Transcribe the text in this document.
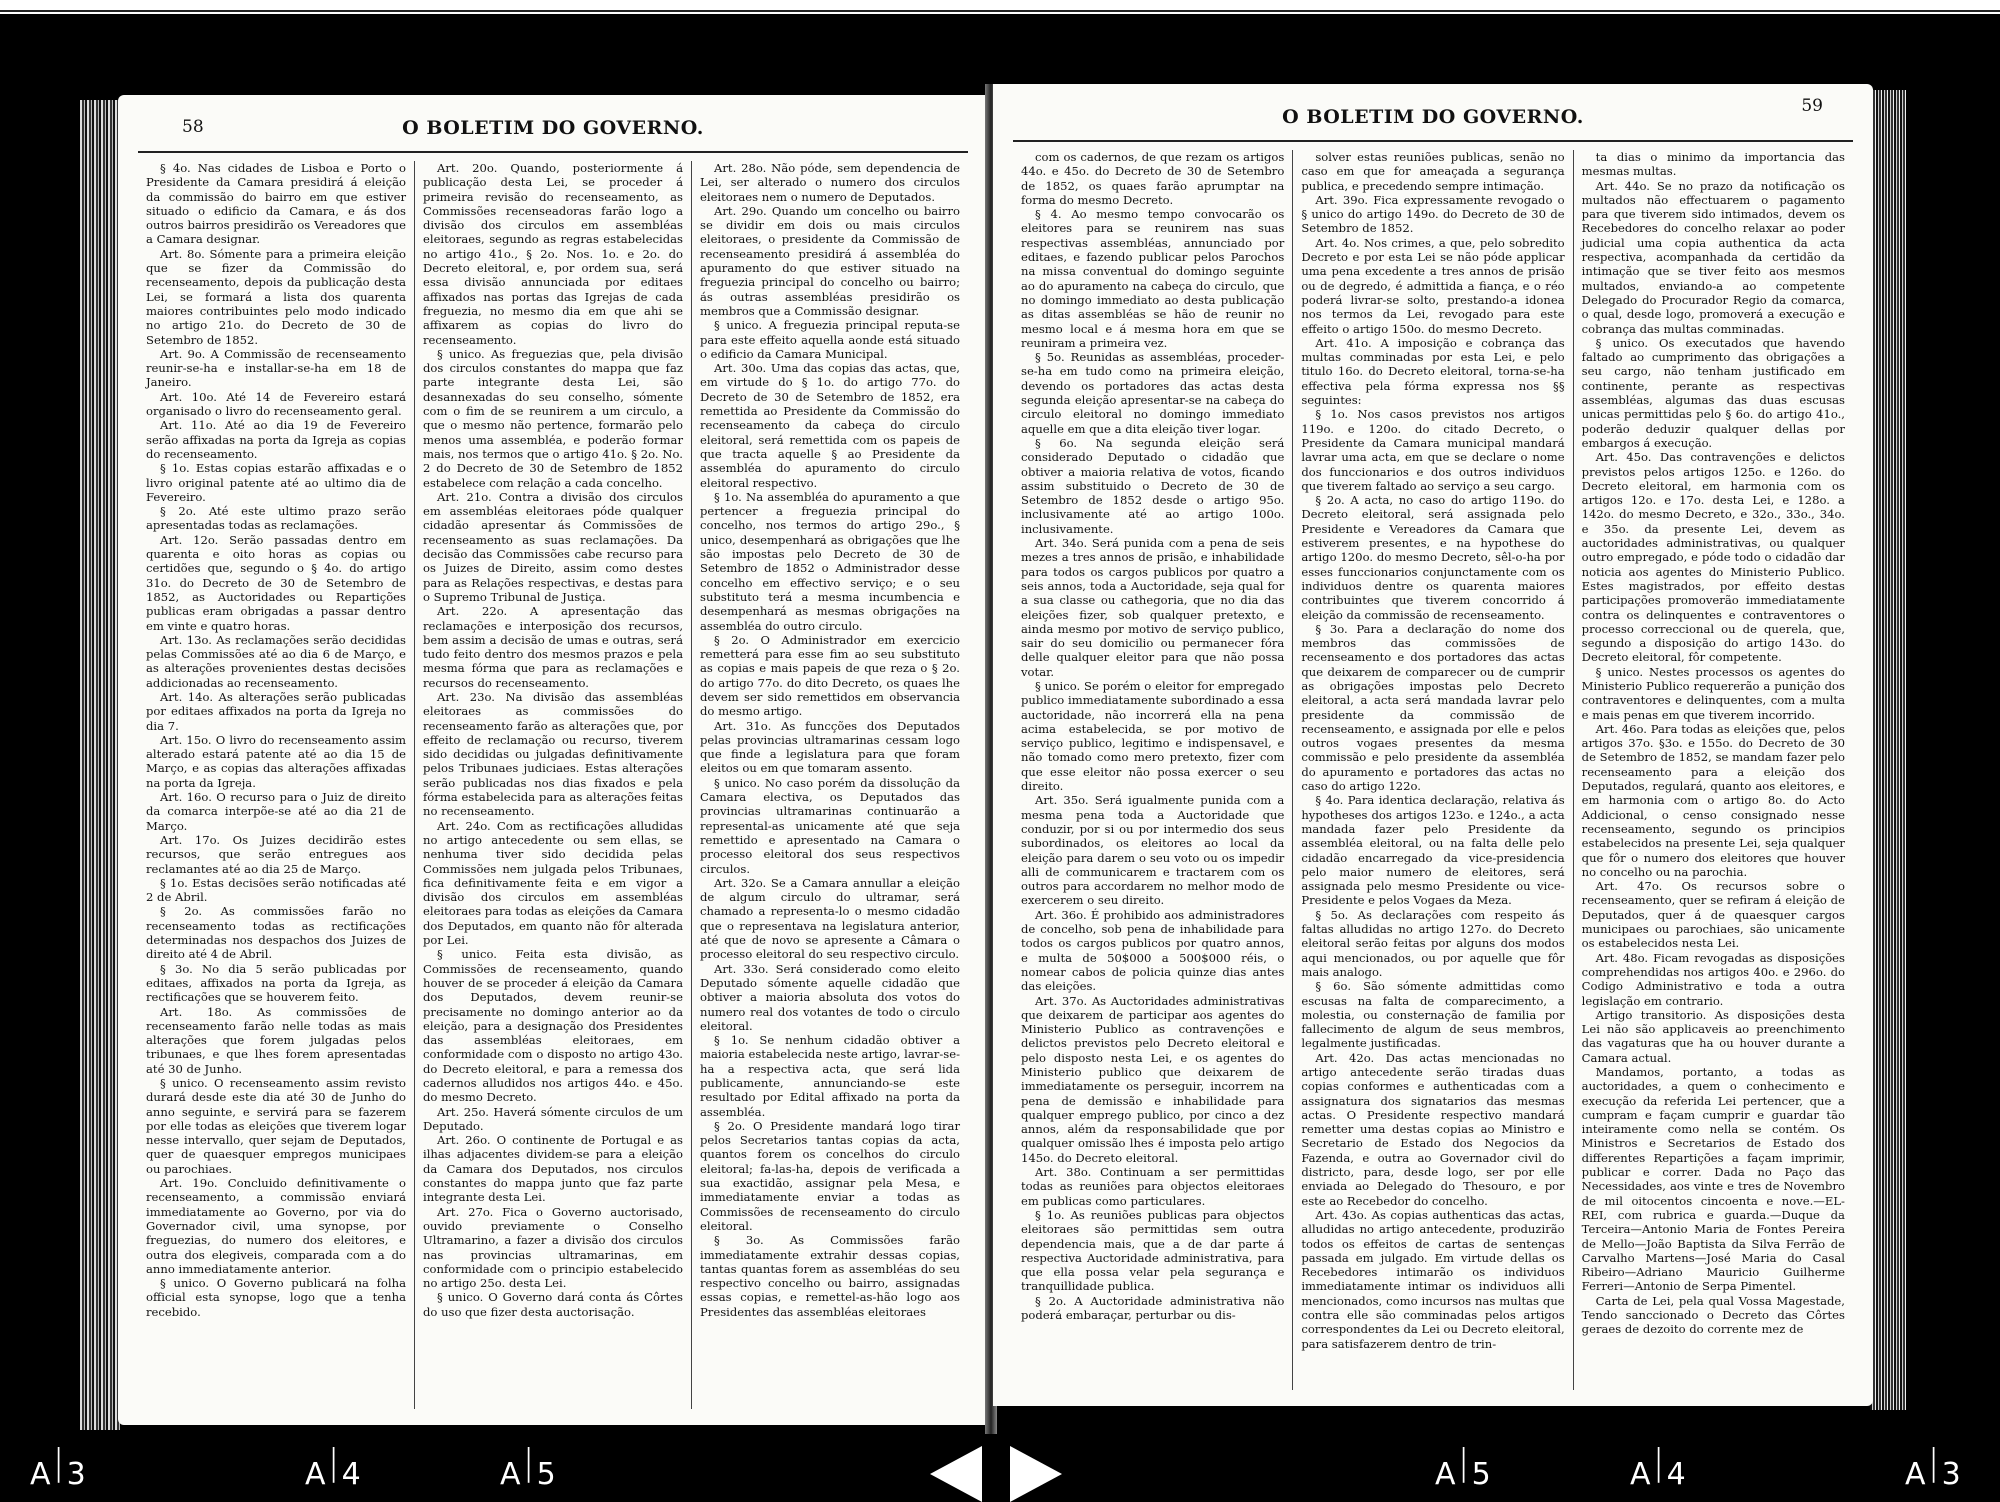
58	O BOLETIM DO GOVERNO.

§ 4o. Nas cidades de Lisboa e Porto o Presidente da Camara presidirá á eleição da commissão do bairro em que estiver situado o edificio da Camara, e ás dos outros bairros presidirão os Vereadores que a Camara designar.

Art. 8o. Sómente para a primeira eleição que se fizer da Commissão do recenseamento, depois da publicação desta Lei, se formará a lista dos quarenta maiores contribuintes pelo modo indicado no artigo 21o. do Decreto de 30 de Setembro de 1852.

Art. 9o. A Commissão de recenseamento reunir-se-ha e installar-se-ha em 18 de Janeiro.

Art. 10o. Até 14 de Fevereiro estará organisado o livro do recenseamento geral.

Art. 11o. Até ao dia 19 de Fevereiro serão affixadas na porta da Igreja as copias do recenseamento.

§ 1o. Estas copias estarão affixadas e o livro original patente até ao ultimo dia de Fevereiro.

§ 2o. Até este ultimo prazo serão apresentadas todas as reclamações.

Art. 12o. Serão passadas dentro em quarenta e oito horas as copias ou certidões que, segundo o § 4o. do artigo 31o. do Decreto de 30 de Setembro de 1852, as Auctoridades ou Repartições publicas eram obrigadas a passar dentro em vinte e quatro horas.

Art. 13o. As reclamações serão decididas pelas Commissões até ao dia 6 de Março, e as alterações provenientes destas decisões addicionadas ao recenseamento.

Art. 14o. As alterações serão publicadas por editaes affixados na porta da Igreja no dia 7.

Art. 15o. O livro do recenseamento assim alterado estará patente até ao dia 15 de Março, e as copias das alterações affixadas na porta da Igreja.

Art. 16o. O recurso para o Juiz de direito da comarca interpõe-se até ao dia 21 de Março.

Art. 17o. Os Juizes decidirão estes recursos, que serão entregues aos reclamantes até ao dia 25 de Março.

§ 1o. Estas decisões serão notificadas até 2 de Abril.

§ 2o. As commissões farão no recenseamento todas as rectificações determinadas nos despachos dos Juizes de direito até 4 de Abril.

§ 3o. No dia 5 serão publicadas por editaes, affixados na porta da Igreja, as rectificações que se houverem feito.

Art. 18o. As commissões de recenseamento farão nelle todas as mais alterações que forem julgadas pelos tribunaes, e que lhes forem apresentadas até 30 de Junho.

§ unico. O recenseamento assim revisto durará desde este dia até 30 de Junho do anno seguinte, e servirá para se fazerem por elle todas as eleições que tiverem logar nesse intervallo, quer sejam de Deputados, quer de quaesquer empregos municipaes ou parochiaes.

Art. 19o. Concluido definitivamente o recenseamento, a commissão enviará immediatamente ao Governo, por via do Governador civil, uma synopse, por freguezias, do numero dos eleitores, e outra dos elegiveis, comparada com a do anno immediatamente anterior.

§ unico. O Governo publicará na folha official esta synopse, logo que a tenha recebido.

Art. 20o. Quando, posteriormente á publicação desta Lei, se proceder á primeira revisão do recenseamento, as Commissões recenseadoras farão logo a divisão dos circulos em assembléas eleitoraes, segundo as regras estabelecidas no artigo 41o., § 2o. Nos. 1o. e 2o. do Decreto eleitoral, e, por ordem sua, será essa divisão annunciada por editaes affixados nas portas das Igrejas de cada freguezia, no mesmo dia em que ahi se affixarem as copias do livro do recenseamento.

§ unico. As freguezias que, pela divisão dos circulos constantes do mappa que faz parte integrante desta Lei, são desannexadas do seu conselho, sómente com o fim de se reunirem a um circulo, a que o mesmo não pertence, formarão pelo menos uma assembléa, e poderão formar mais, nos termos que o artigo 41o. § 2o. No. 2 do Decreto de 30 de Setembro de 1852 estabelece com relação a cada concelho.

Art. 21o. Contra a divisão dos circulos em assembléas eleitoraes póde qualquer cidadão apresentar ás Commissões de recenseamento as suas reclamações. Da decisão das Commissões cabe recurso para os Juizes de Direito, assim como destes para as Relações respectivas, e destas para o Supremo Tribunal de Justiça.

Art. 22o. A apresentação das reclamações e interposição dos recursos, bem assim a decisão de umas e outras, será tudo feito dentro dos mesmos prazos e pela mesma fórma que para as reclamações e recursos do recenseamento.

Art. 23o. Na divisão das assembléas eleitoraes as commissões do recenseamento farão as alterações que, por effeito de reclamação ou recurso, tiverem sido decididas ou julgadas definitivamente pelos Tribunaes judiciaes. Estas alterações serão publicadas nos dias fixados e pela fórma estabelecida para as alterações feitas no recenseamento.

Art. 24o. Com as rectificações alludidas no artigo antecedente ou sem ellas, se nenhuma tiver sido decidida pelas Commissões nem julgada pelos Tribunaes, fica definitivamente feita e em vigor a divisão dos circulos em assembléas eleitoraes para todas as eleições da Camara dos Deputados, em quanto não fôr alterada por Lei.

§ unico. Feita esta divisão, as Commissões de recenseamento, quando houver de se proceder á eleição da Camara dos Deputados, devem reunir-se precisamente no domingo anterior ao da eleição, para a designação dos Presidentes das assembléas eleitoraes, em conformidade com o disposto no artigo 43o. do Decreto eleitoral, e para a remessa dos cadernos alludidos nos artigos 44o. e 45o. do mesmo Decreto.

Art. 25o. Haverá sómente circulos de um Deputado.

Art. 26o. O continente de Portugal e as ilhas adjacentes dividem-se para a eleição da Camara dos Deputados, nos circulos constantes do mappa junto que faz parte integrante desta Lei.

Art. 27o. Fica o Governo auctorisado, ouvido previamente o Conselho Ultramarino, a fazer a divisão dos circulos nas provincias ultramarinas, em conformidade com o principio estabelecido no artigo 25o. desta Lei.

§ unico. O Governo dará conta ás Côrtes do uso que fizer desta auctorisação.

Art. 28o. Não póde, sem dependencia de Lei, ser alterado o numero dos circulos eleitoraes nem o numero de Deputados.

Art. 29o. Quando um concelho ou bairro se dividir em dois ou mais circulos eleitoraes, o presidente da Commissão de recenseamento presidirá á assembléa do apuramento do que estiver situado na freguezia principal do concelho ou bairro; ás outras assembléas presidirão os membros que a Commissão designar.

§ unico. A freguezia principal reputa-se para este effeito aquella aonde está situado o edificio da Camara Municipal.

Art. 30o. Uma das copias das actas, que, em virtude do § 1o. do artigo 77o. do Decreto de 30 de Setembro de 1852, era remettida ao Presidente da Commissão do recenseamento da cabeça do circulo eleitoral, será remettida com os papeis de que tracta aquelle § ao Presidente da assembléa do apuramento do circulo eleitoral respectivo.

§ 1o. Na assembléa do apuramento a que pertencer a freguezia principal do concelho, nos termos do artigo 29o., § unico, desempenhará as obrigações que lhe são impostas pelo Decreto de 30 de Setembro de 1852 o Administrador desse concelho em effectivo serviço; e o seu substituto terá a mesma incumbencia e desempenhará as mesmas obrigações na assembléa do outro circulo.

§ 2o. O Administrador em exercicio remetterá para esse fim ao seu substituto as copias e mais papeis de que reza o § 2o. do artigo 77o. do dito Decreto, os quaes lhe devem ser sido remettidos em observancia do mesmo artigo.

Art. 31o. As funcções dos Deputados pelas provincias ultramarinas cessam logo que finde a legislatura para que foram eleitos ou em que tomaram assento.

§ unico. No caso porém da dissolução da Camara electiva, os Deputados das provincias ultramarinas continuarão a represental-as unicamente até que seja remettido e apresentado na Camara o processo eleitoral dos seus respectivos circulos.

Art. 32o. Se a Camara annullar a eleição de algum circulo do ultramar, será chamado a representa-lo o mesmo cidadão que o representava na legislatura anterior, até que de novo se apresente a Câmara o processo eleitoral do seu respectivo circulo.

Art. 33o. Será considerado como eleito Deputado sómente aquelle cidadão que obtiver a maioria absoluta dos votos do numero real dos votantes de todo o circulo eleitoral.

§ 1o. Se nenhum cidadão obtiver a maioria estabelecida neste artigo, lavrar-se-ha a respectiva acta, que será lida publicamente, annunciando-se este resultado por Edital affixado na porta da assembléa.

§ 2o. O Presidente mandará logo tirar pelos Secretarios tantas copias da acta, quantos forem os concelhos do circulo eleitoral; fa-las-ha, depois de verificada a sua exactidão, assignar pela Mesa, e immediatamente enviar a todas as Commissões de recenseamento do circulo eleitoral.

§ 3o. As Commissões farão immediatamente extrahir dessas copias, tantas quantas forem as assembléas do seu respectivo concelho ou bairro, assignadas essas copias, e remettel-as-hão logo aos Presidentes das assembléas eleitoraes

O BOLETIM DO GOVERNO.	59

com os cadernos, de que rezam os artigos 44o. e 45o. do Decreto de 30 de Setembro de 1852, os quaes farão aprumptar na forma do mesmo Decreto.

§ 4. Ao mesmo tempo convocarão os eleitores para se reunirem nas suas respectivas assembléas, annunciado por editaes, e fazendo publicar pelos Parochos na missa conventual do domingo seguinte ao do apuramento na cabeça do circulo, que no domingo immediato ao desta publicação as ditas assembléas se hão de reunir no mesmo local e á mesma hora em que se reuniram a primeira vez.

§ 5o. Reunidas as assembléas, proceder-se-ha em tudo como na primeira eleição, devendo os portadores das actas desta segunda eleição apresentar-se na cabeça do circulo eleitoral no domingo immediato aquelle em que a dita eleição tiver logar.

§ 6o. Na segunda eleição será considerado Deputado o cidadão que obtiver a maioria relativa de votos, ficando assim substituido o Decreto de 30 de Setembro de 1852 desde o artigo 95o. inclusivamente até ao artigo 100o. inclusivamente.

Art. 34o. Será punida com a pena de seis mezes a tres annos de prisão, e inhabilidade para todos os cargos publicos por quatro a seis annos, toda a Auctoridade, seja qual for a sua classe ou cathegoria, que no dia das eleições fizer, sob qualquer pretexto, e ainda mesmo por motivo de serviço publico, sair do seu domicilio ou permanecer fóra delle qualquer eleitor para que não possa votar.

§ unico. Se porém o eleitor for empregado publico immediatamente subordinado a essa auctoridade, não incorrerá ella na pena acima estabelecida, se por motivo de serviço publico, legitimo e indispensavel, e não tomado como mero pretexto, fizer com que esse eleitor não possa exercer o seu direito.

Art. 35o. Será igualmente punida com a mesma pena toda a Auctoridade que conduzir, por si ou por intermedio dos seus subordinados, os eleitores ao local da eleição para darem o seu voto ou os impedir alli de communicarem e tractarem com os outros para accordarem no melhor modo de exercerem o seu direito.

Art. 36o. É prohibido aos administradores de concelho, sob pena de inhabilidade para todos os cargos publicos por quatro annos, e multa de 50$000 a 500$000 réis, o nomear cabos de policia quinze dias antes das eleições.

Art. 37o. As Auctoridades administrativas que deixarem de participar aos agentes do Ministerio Publico as contravenções e delictos previstos pelo Decreto eleitoral e pelo disposto nesta Lei, e os agentes do Ministerio publico que deixarem de immediatamente os perseguir, incorrem na pena de demissão e inhabilidade para qualquer emprego publico, por cinco a dez annos, além da responsabilidade que por qualquer omissão lhes é imposta pelo artigo 145o. do Decreto eleitoral.

Art. 38o. Continuam a ser permittidas todas as reuniões para objectos eleitoraes em publicas como particulares.

§ 1o. As reuniões publicas para objectos eleitoraes são permittidas sem outra dependencia mais, que a de dar parte á respectiva Auctoridade administrativa, para que ella possa velar pela segurança e tranquillidade publica.

§ 2o. A Auctoridade administrativa não poderá embaraçar, perturbar ou dis-

solver estas reuniões publicas, senão no caso em que for ameaçada a segurança publica, e precedendo sempre intimação.

Art. 39o. Fica expressamente revogado o § unico do artigo 149o. do Decreto de 30 de Setembro de 1852.

Art. 4o. Nos crimes, a que, pelo sobredito Decreto e por esta Lei se não póde applicar uma pena excedente a tres annos de prisão ou de degredo, é admittida a fiança, e o réo poderá livrar-se solto, prestando-a idonea nos termos da Lei, revogado para este effeito o artigo 150o. do mesmo Decreto.

Art. 41o. A imposição e cobrança das multas comminadas por esta Lei, e pelo titulo 16o. do Decreto eleitoral, torna-se-ha effectiva pela fórma expressa nos §§ seguintes:

§ 1o. Nos casos previstos nos artigos 119o. e 120o. do citado Decreto, o Presidente da Camara municipal mandará lavrar uma acta, em que se declare o nome dos funccionarios e dos outros individuos que tiverem faltado ao serviço a seu cargo.

§ 2o. A acta, no caso do artigo 119o. do Decreto eleitoral, será assignada pelo Presidente e Vereadores da Camara que estiverem presentes, e na hypothese do artigo 120o. do mesmo Decreto, sêl-o-ha por esses funccionarios conjunctamente com os individuos dentre os quarenta maiores contribuintes que tiverem concorrido á eleição da commissão de recenseamento.

§ 3o. Para a declaração do nome dos membros das commissões de recenseamento e dos portadores das actas que deixarem de comparecer ou de cumprir as obrigações impostas pelo Decreto eleitoral, a acta será mandada lavrar pelo presidente da commissão de recenseamento, e assignada por elle e pelos outros vogaes presentes da mesma commissão e pelo presidente da assembléa do apuramento e portadores das actas no caso do artigo 122o.

§ 4o. Para identica declaração, relativa ás hypotheses dos artigos 123o. e 124o., a acta mandada fazer pelo Presidente da assembléa eleitoral, ou na falta delle pelo cidadão encarregado da vice-presidencia pelo maior numero de eleitores, será assignada pelo mesmo Presidente ou vice-Presidente e pelos Vogaes da Meza.

§ 5o. As declarações com respeito ás faltas alludidas no artigo 127o. do Decreto eleitoral serão feitas por alguns dos modos aqui mencionados, ou por aquelle que fôr mais analogo.

§ 6o. São sómente admittidas como escusas na falta de comparecimento, a molestia, ou consternação de familia por fallecimento de algum de seus membros, legalmente justificadas.

Art. 42o. Das actas mencionadas no artigo antecedente serão tiradas duas copias conformes e authenticadas com a assignatura dos signatarios das mesmas actas. O Presidente respectivo mandará remetter uma destas copias ao Ministro e Secretario de Estado dos Negocios da Fazenda, e outra ao Governador civil do districto, para, desde logo, ser por elle enviada ao Delegado do Thesouro, e por este ao Recebedor do concelho.

Art. 43o. As copias authenticas das actas, alludidas no artigo antecedente, produzirão todos os effeitos de cartas de sentenças passada em julgado. Em virtude dellas os Recebedores intimarão os individuos immediatamente intimar os individuos alli mencionados, como incursos nas multas que contra elle são comminadas pelos artigos correspondentes da Lei ou Decreto eleitoral, para satisfazerem dentro de trin-

ta dias o minimo da importancia das mesmas multas.

Art. 44o. Se no prazo da notificação os multados não effectuarem o pagamento para que tiverem sido intimados, devem os Recebedores do concelho relaxar ao poder judicial uma copia authentica da acta respectiva, acompanhada da certidão da intimação que se tiver feito aos mesmos multados, enviando-a ao competente Delegado do Procurador Regio da comarca, o qual, desde logo, promoverá a execução e cobrança das multas comminadas.

§ unico. Os executados que havendo faltado ao cumprimento das obrigações a seu cargo, não tenham justificado em continente, perante as respectivas assembléas, algumas das duas escusas unicas permittidas pelo § 6o. do artigo 41o., poderão deduzir qualquer dellas por embargos á execução.

Art. 45o. Das contravenções e delictos previstos pelos artigos 125o. e 126o. do Decreto eleitoral, em harmonia com os artigos 12o. e 17o. desta Lei, e 128o. a 142o. do mesmo Decreto, e 32o., 33o., 34o. e 35o. da presente Lei, devem as auctoridades administrativas, ou qualquer outro empregado, e póde todo o cidadão dar noticia aos agentes do Ministerio Publico. Estes magistrados, por effeito destas participações promoverão immediatamente contra os delinquentes e contraventores o processo correccional ou de querela, que, segundo a disposição do artigo 143o. do Decreto eleitoral, fôr competente.

§ unico. Nestes processos os agentes do Ministerio Publico requererão a punição dos contraventores e delinquentes, com a multa e mais penas em que tiverem incorrido.

Art. 46o. Para todas as eleições que, pelos artigos 37o. §3o. e 155o. do Decreto de 30 de Setembro de 1852, se mandam fazer pelo recenseamento para a eleição dos Deputados, regulará, quanto aos eleitores, e em harmonia com o artigo 8o. do Acto Addicional, o censo consignado nesse recenseamento, segundo os principios estabelecidos na presente Lei, seja qualquer que fôr o numero dos eleitores que houver no concelho ou na parochia.

Art. 47o. Os recursos sobre o recenseamento, quer se refiram á eleição de Deputados, quer á de quaesquer cargos municipaes ou parochiaes, são unicamente os estabelecidos nesta Lei.

Art. 48o. Ficam revogadas as disposições comprehendidas nos artigos 40o. e 296o. do Codigo Administrativo e toda a outra legislação em contrario.

Artigo transitorio. As disposições desta Lei não são applicaveis ao preenchimento das vagaturas que ha ou houver durante a Camara actual.

Mandamos, portanto, a todas as auctoridades, a quem o conhecimento e execução da referida Lei pertencer, que a cumpram e façam cumprir e guardar tão inteiramente como nella se contém. Os Ministros e Secretarios de Estado dos differentes Repartições a façam imprimir, publicar e correr. Dada no Paço das Necessidades, aos vinte e tres de Novembro de mil oitocentos cincoenta e nove.—EL-REI, com rubrica e guarda.—Duque da Terceira—Antonio Maria de Fontes Pereira de Mello—João Baptista da Silva Ferrão de Carvalho Martens—José Maria do Casal Ribeiro—Adriano Mauricio Guilherme Ferreri—Antonio de Serpa Pimentel.

Carta de Lei, pela qual Vossa Magestade, Tendo sanccionado o Decreto das Côrtes geraes de dezoito do corrente mez de

A|3	A|4	A|5	A|5	A|4	A|3
